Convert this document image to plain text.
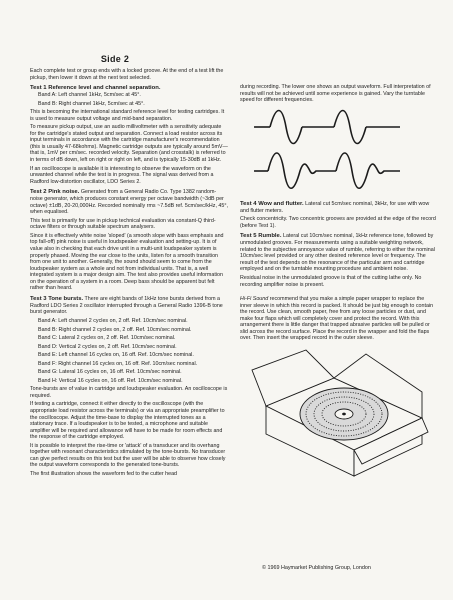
Side 2

Each complete test or group ends with a locked groove. At the end of a test lift the pickup, then lower it down at the next test selected.

Test 1 Reference level and channel separation.

Band A: Left channel 1kHz, 5cm/sec at 45°.

Band B: Right channel 1kHz, 5cm/sec at 45°.

This is becoming the international standard reference level for testing cartridges. It is used to measure output voltage and mid-band separation.

To measure pickup output, use an audio millivoltmeter with a sensitivity adequate for the cartridge's stated output and separation. Connect a load resistor across its input terminals in accordance with the cartridge manufacturer's recommendation (this is usually 47-68kohms). Magnetic cartridge outputs are typically around 5mV—that is, 1mV per cm/sec. recorded velocity. Separation (and crosstalk) is referred to in terms of dB down, left on right or right on left, and is typically 15-30dB at 1kHz.

If an oscilloscope is available it is interesting to observe the waveform on the unwanted channel while the test is in progress. The signal was derived from a Radford low-distortion oscillator, LDO Series 2.

Test 2 Pink noise. Generated from a General Radio Co. Type 1382 random-noise generator, which produces constant energy per octave bandwidth (~3dB per octave) ±1dB, 20-20,000Hz. Recorded nominally rms ~7.5dB ref. 5cm/sec/kHz, 45°, when equalised.

This test is primarily for use in pickup technical evaluation via constant-Q third-octave filters or through suitable spectrum analysers.

Since it is effectively white noise 'sloped' (a smooth slope with bass emphasis and top fall-off) pink noise is useful in loudspeaker evaluation and setting-up. It is of value also in checking that each drive unit in a multi-unit loudspeaker system is properly phased. Moving the ear close to the units, listen for a smooth transition from one unit to another. Generally, the sound should seem to come from the loudspeaker system as a whole and not from individual units. That is, a well integrated system is a major design aim. The test also provides useful information on the operation of a system in a room. Deep bass should be apparent but felt rather than heard.

Test 3 Tone bursts. There are eight bands of 1kHz tone bursts derived from a Radford LDO Series 2 oscillator interrupted through a General Radio 1396-B tone burst generator.

Band A: Left channel 2 cycles on, 2 off. Ref. 10cm/sec nominal.

Band B: Right channel 2 cycles on, 2 off. Ref. 10cm/sec nominal.

Band C: Lateral 2 cycles on, 2 off. Ref. 10cm/sec nominal.

Band D: Vertical 2 cycles on, 2 off. Ref. 10cm/sec nominal.

Band E: Left channel 16 cycles on, 16 off. Ref. 10cm/sec nominal.

Band F: Right channel 16 cycles on, 16 off. Ref. 10cm/sec nominal.

Band G: Lateral 16 cycles on, 16 off. Ref. 10cm/sec nominal.

Band H: Vertical 16 cycles on, 16 off. Ref. 10cm/sec nominal.

Tone-bursts are of value in cartridge and loudspeaker evaluation. An oscilloscope is required.

If testing a cartridge, connect it either directly to the oscilloscope (with the appropriate load resistor across the terminals) or via an appropriate preamplifier to the oscilloscope. Adjust the time-base to display the interrupted tones as a stationary trace. If a loudspeaker is to be tested, a microphone and suitable amplifier will be required and allowance will have to be made for room effects and the response of the cartridge employed.

It is possible to interpret the rise-time or 'attack' of a transducer and its overhang together with resonant characteristics stimulated by the tone-bursts. No transducer can give perfect results on this test but the user will be able to observe how closely the output waveform corresponds to the generated tone-bursts.

The first illustration shows the waveform fed to the cutter head

during recording. The lower one shows an output waveform. Full interpretation of results will not be achieved until some experience is gained. Vary the turntable speed for different frequencies.

Test 4 Wow and flutter. Lateral cut 5cm/sec nominal, 3kHz, for use with wow and flutter meters.

Check concentricity. Two concentric grooves are provided at the edge of the record (before Test 1).

Test 5 Rumble. Lateral cut 10cm/sec nominal, 1kHz reference tone, followed by unmodulated grooves. For measurements using a suitable weighting network, related to the subjective annoyance value of rumble, referring to either the nominal 10cm/sec level provided or any other desired reference level or frequency. The result of the test depends on the resonance of the particular arm and cartridge employed and on the turntable mounting procedure and ambient noise.

Residual noise in the unmodulated groove is that of the cutting lathe only. No recording amplifier noise is present.

Hi-Fi Sound recommend that you make a simple paper wrapper to replace the inner sleeve in which this record is packed. It should be just big enough to contain the record. Use clean, smooth paper, free from any loose particles or dust, and make four flaps which will completely cover and protect the record. With this arrangement there is little danger that trapped abrasive particles will be pulled or slid across the record surface. Place the record in the wrapper and fold the flaps over. Then insert the wrapped record in the outer sleeve.

© 1969 Haymarket Publishing Group, London
